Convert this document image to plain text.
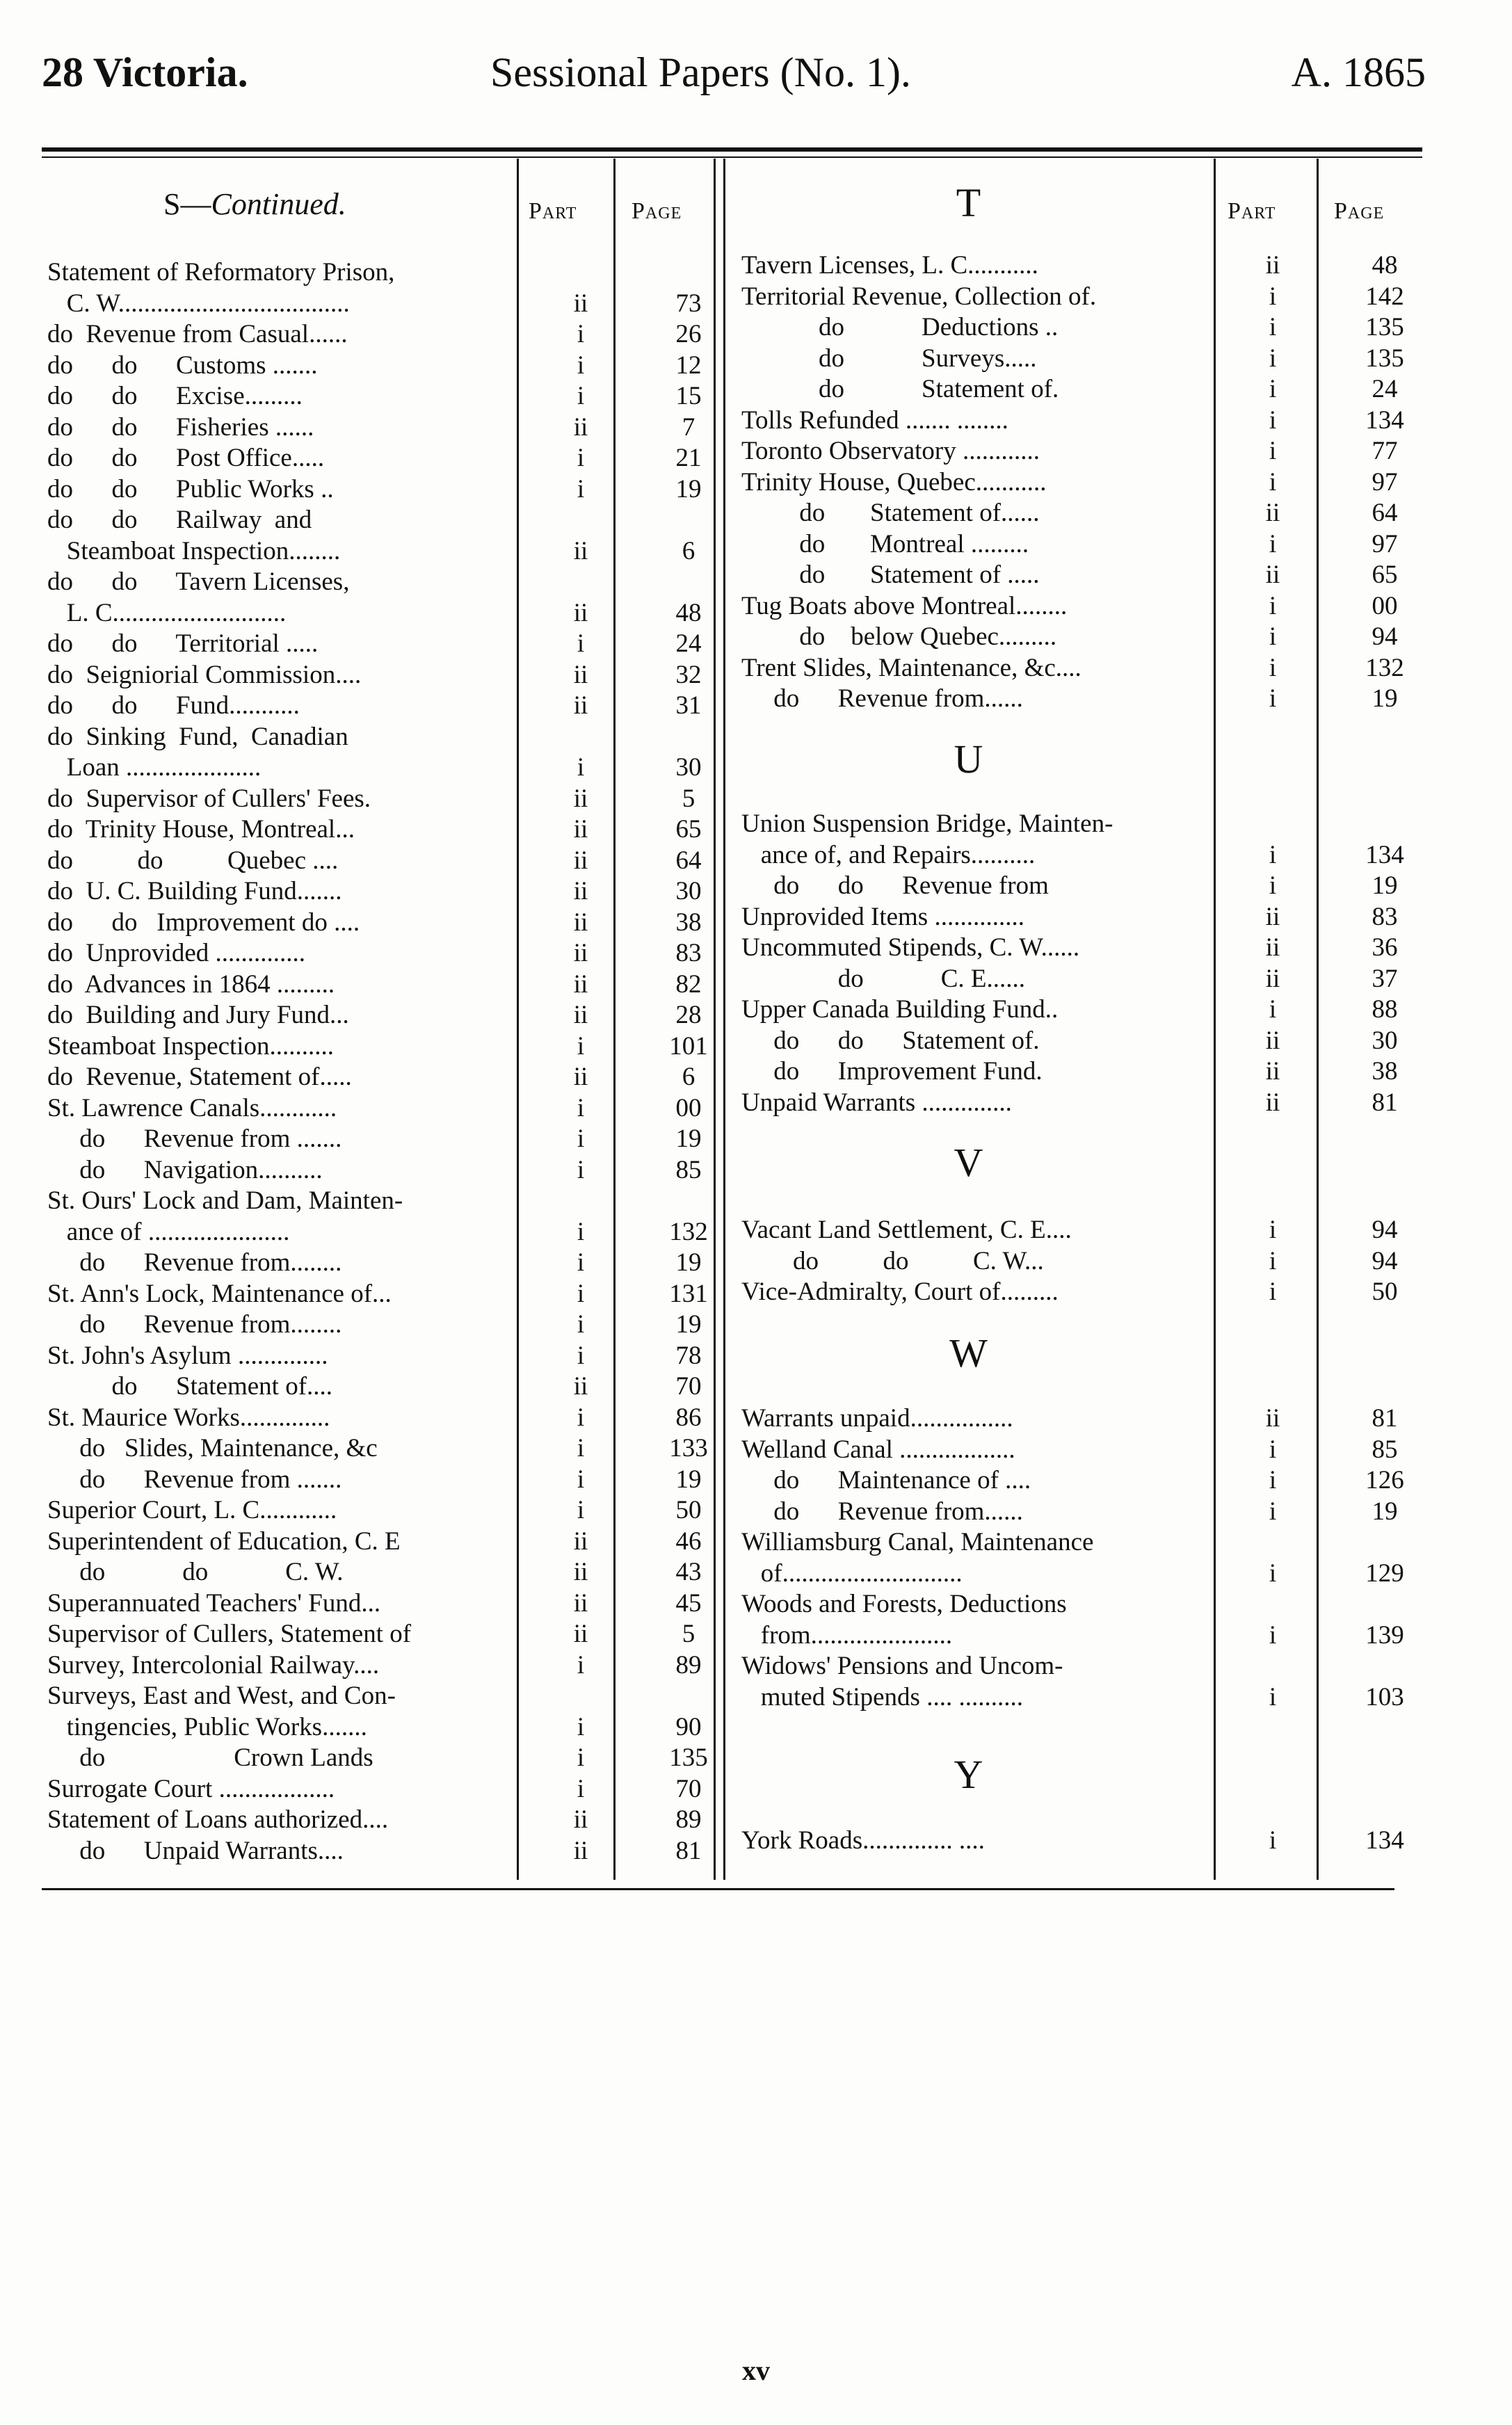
28 Victoria.	Sessional Papers (No. 1).	A. 1865
S—Continued.	Part Page	T	Part Page
Statement of Reformatory Prison,
C. W....................................	ii	73
do  Revenue from Casual......	i	26
do      do      Customs .......	i	12
do      do      Excise.........	i	15
do      do      Fisheries ......	ii	7
do      do      Post Office.....	i	21
do      do      Public Works ..	i	19
do      do      Railway  and
Steamboat Inspection........	ii	6
do      do      Tavern Licenses,
L. C...........................	ii	48
do      do      Territorial .....	i	24
do  Seigniorial Commission....	ii	32
do      do      Fund...........	ii	31
do  Sinking  Fund,  Canadian
Loan .....................	i	30
do  Supervisor of Cullers' Fees.	ii	5
do  Trinity House, Montreal...	ii	65
do          do          Quebec ....	ii	64
do  U. C. Building Fund.......	ii	30
do      do   Improvement do ....	ii	38
do  Unprovided ..............	ii	83
do  Advances in 1864 .........	ii	82
do  Building and Jury Fund...	ii	28
Steamboat Inspection..........	i	101
do  Revenue, Statement of.....	ii	6
St. Lawrence Canals............	i	00
do      Revenue from .......	i	19
do      Navigation..........	i	85
St. Ours' Lock and Dam, Mainten-
ance of ......................	i	132
do      Revenue from........	i	19
St. Ann's Lock, Maintenance of...	i	131
do      Revenue from........	i	19
St. John's Asylum ..............	i	78
do      Statement of....	ii	70
St. Maurice Works..............	i	86
do   Slides, Maintenance, &c	i	133
do      Revenue from .......	i	19
Superior Court, L. C............	i	50
Superintendent of Education, C. E	ii	46
do            do            C. W.	ii	43
Superannuated Teachers' Fund...	ii	45
Supervisor of Cullers, Statement of	ii	5
Survey, Intercolonial Railway....	i	89
Surveys, East and West, and Con-
tingencies, Public Works.......	i	90
do                    Crown Lands	i	135
Surrogate Court ..................	i	70
Statement of Loans authorized....	ii	89
do      Unpaid Warrants....	ii	81
Tavern Licenses, L. C...........	ii	48
Territorial Revenue, Collection of.	i	142
do            Deductions ..	i	135
do            Surveys.....	i	135
do            Statement of.	i	24
Tolls Refunded ....... ........	i	134
Toronto Observatory ............	i	77
Trinity House, Quebec...........	i	97
do       Statement of......	ii	64
do       Montreal .........	i	97
do       Statement of .....	ii	65
Tug Boats above Montreal........	i	00
do    below Quebec.........	i	94
Trent Slides, Maintenance, &c....	i	132
do      Revenue from......	i	19
U
Union Suspension Bridge, Mainten-
ance of, and Repairs..........	i	134
do      do      Revenue from	i	19
Unprovided Items ..............	ii	83
Uncommuted Stipends, C. W......	ii	36
do            C. E......	ii	37
Upper Canada Building Fund..	i	88
do      do      Statement of.	ii	30
do      Improvement Fund.	ii	38
Unpaid Warrants ..............	ii	81
V
Vacant Land Settlement, C. E....	i	94
do          do          C. W...	i	94
Vice-Admiralty, Court of.........	i	50
W
Warrants unpaid................	ii	81
Welland Canal ..................	i	85
do      Maintenance of ....	i	126
do      Revenue from......	i	19
Williamsburg Canal, Maintenance
of............................	i	129
Woods and Forests, Deductions
from......................	i	139
Widows' Pensions and Uncom-
muted Stipends .... ..........	i	103
Y
York Roads.............. ....	i	134
xv
